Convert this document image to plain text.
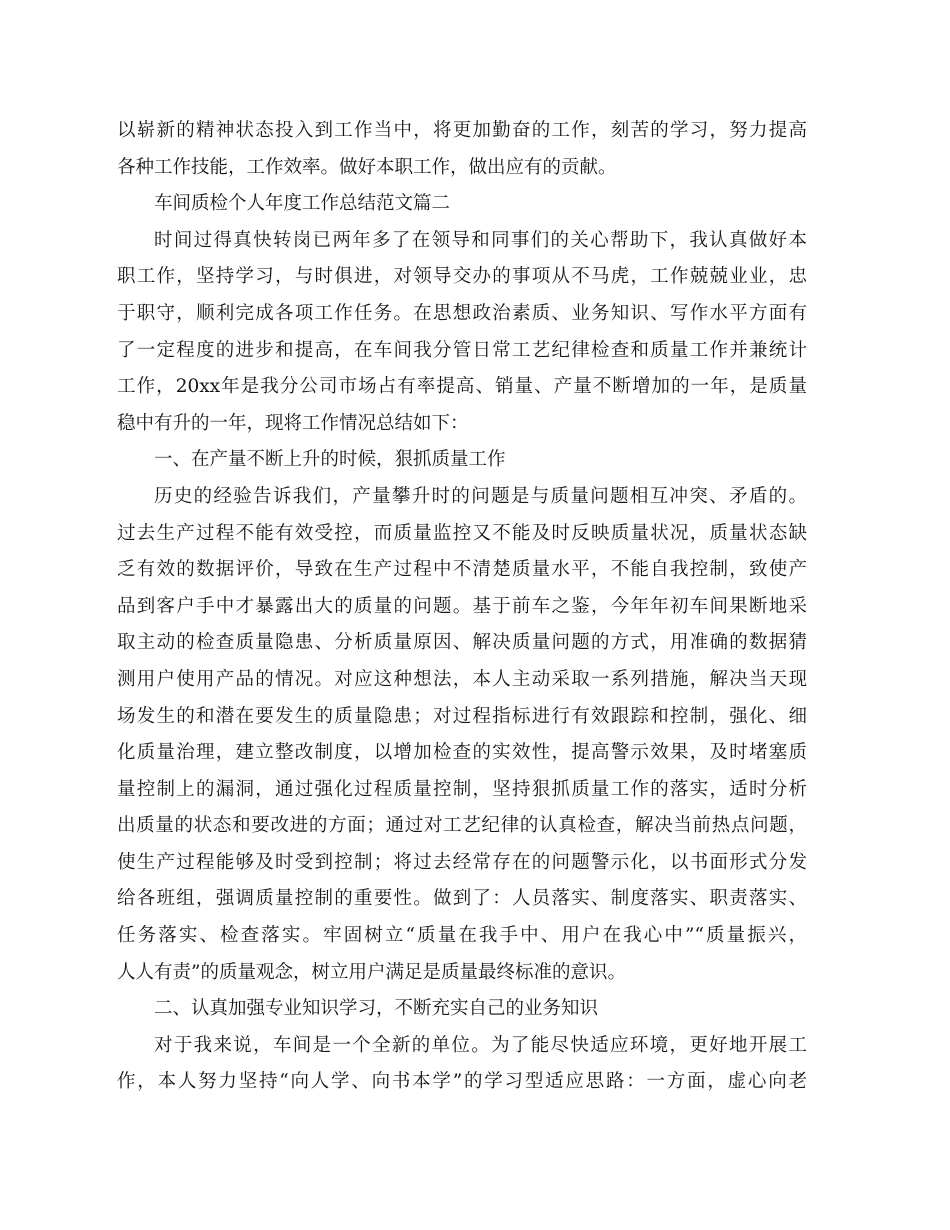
以崭新的精神状态投入到工作当中，将更加勤奋的工作，刻苦的学习，努力提高
各种工作技能，工作效率。做好本职工作，做出应有的贡献。
车间质检个人年度工作总结范文篇二
时间过得真快转岗已两年多了在领导和同事们的关心帮助下，我认真做好本
职工作，坚持学习，与时俱进，对领导交办的事项从不马虎，工作兢兢业业，忠
于职守，顺利完成各项工作任务。在思想政治素质、业务知识、写作水平方面有
了一定程度的进步和提高，在车间我分管日常工艺纪律检查和质量工作并兼统计
工作，20xx年是我分公司市场占有率提高、销量、产量不断增加的一年，是质量
稳中有升的一年，现将工作情况总结如下：
一、在产量不断上升的时候，狠抓质量工作
历史的经验告诉我们，产量攀升时的问题是与质量问题相互冲突、矛盾的。
过去生产过程不能有效受控，而质量监控又不能及时反映质量状况，质量状态缺
乏有效的数据评价，导致在生产过程中不清楚质量水平，不能自我控制，致使产
品到客户手中才暴露出大的质量的问题。基于前车之鉴，今年年初车间果断地采
取主动的检查质量隐患、分析质量原因、解决质量问题的方式，用准确的数据猜
测用户使用产品的情况。对应这种想法，本人主动采取一系列措施，解决当天现
场发生的和潜在要发生的质量隐患；对过程指标进行有效跟踪和控制，强化、细
化质量治理，建立整改制度，以增加检查的实效性，提高警示效果，及时堵塞质
量控制上的漏洞，通过强化过程质量控制，坚持狠抓质量工作的落实，适时分析
出质量的状态和要改进的方面；通过对工艺纪律的认真检查，解决当前热点问题，
使生产过程能够及时受到控制；将过去经常存在的问题警示化，以书面形式分发
给各班组，强调质量控制的重要性。做到了：人员落实、制度落实、职责落实、
任务落实、检查落实。牢固树立“质量在我手中、用户在我心中”“质量振兴，
人人有责”的质量观念，树立用户满足是质量最终标准的意识。
二、认真加强专业知识学习，不断充实自己的业务知识
对于我来说，车间是一个全新的单位。为了能尽快适应环境，更好地开展工
作，本人努力坚持“向人学、向书本学”的学习型适应思路：一方面，虚心向老
